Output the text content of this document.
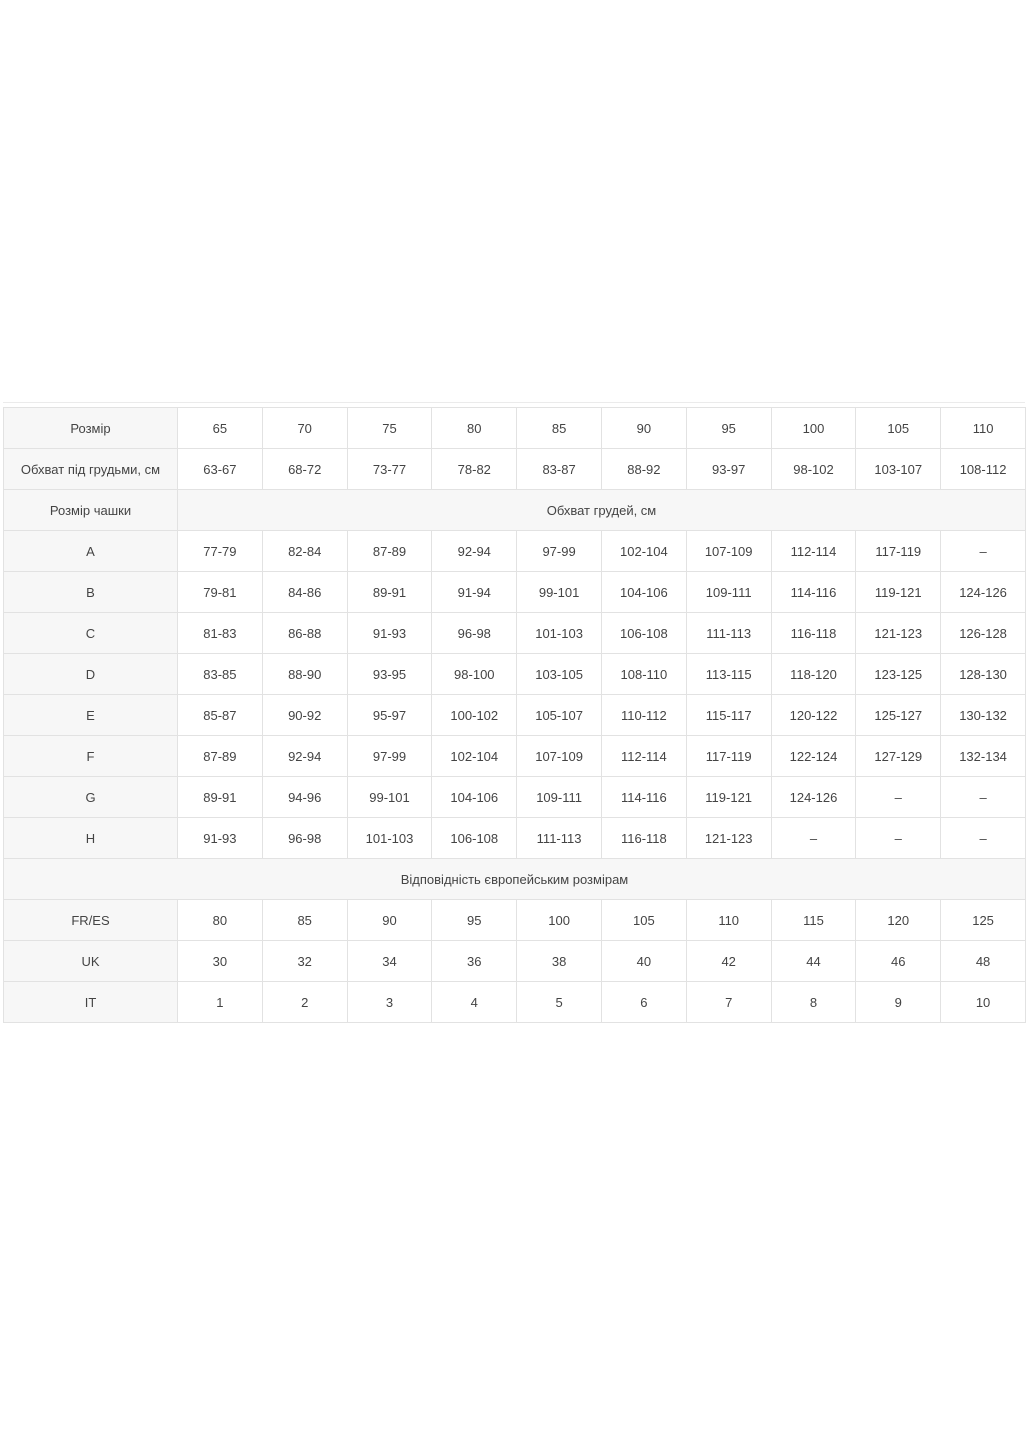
Розмір	65	70	75	80	85	90	95	100	105	110
Обхват під грудьми, см	63-67	68-72	73-77	78-82	83-87	88-92	93-97	98-102	103-107	108-112
Розмір чашки	Обхват грудей, см									
A	77-79	82-84	87-89	92-94	97-99	102-104	107-109	112-114	117-119	–
B	79-81	84-86	89-91	91-94	99-101	104-106	109-111	114-116	119-121	124-126
C	81-83	86-88	91-93	96-98	101-103	106-108	111-113	116-118	121-123	126-128
D	83-85	88-90	93-95	98-100	103-105	108-110	113-115	118-120	123-125	128-130
E	85-87	90-92	95-97	100-102	105-107	110-112	115-117	120-122	125-127	130-132
F	87-89	92-94	97-99	102-104	107-109	112-114	117-119	122-124	127-129	132-134
G	89-91	94-96	99-101	104-106	109-111	114-116	119-121	124-126	–	–
H	91-93	96-98	101-103	106-108	111-113	116-118	121-123	–	–	–
Відповідність європейським розмірам										
FR/ES	80	85	90	95	100	105	110	115	120	125
UK	30	32	34	36	38	40	42	44	46	48
IT	1	2	3	4	5	6	7	8	9	10
